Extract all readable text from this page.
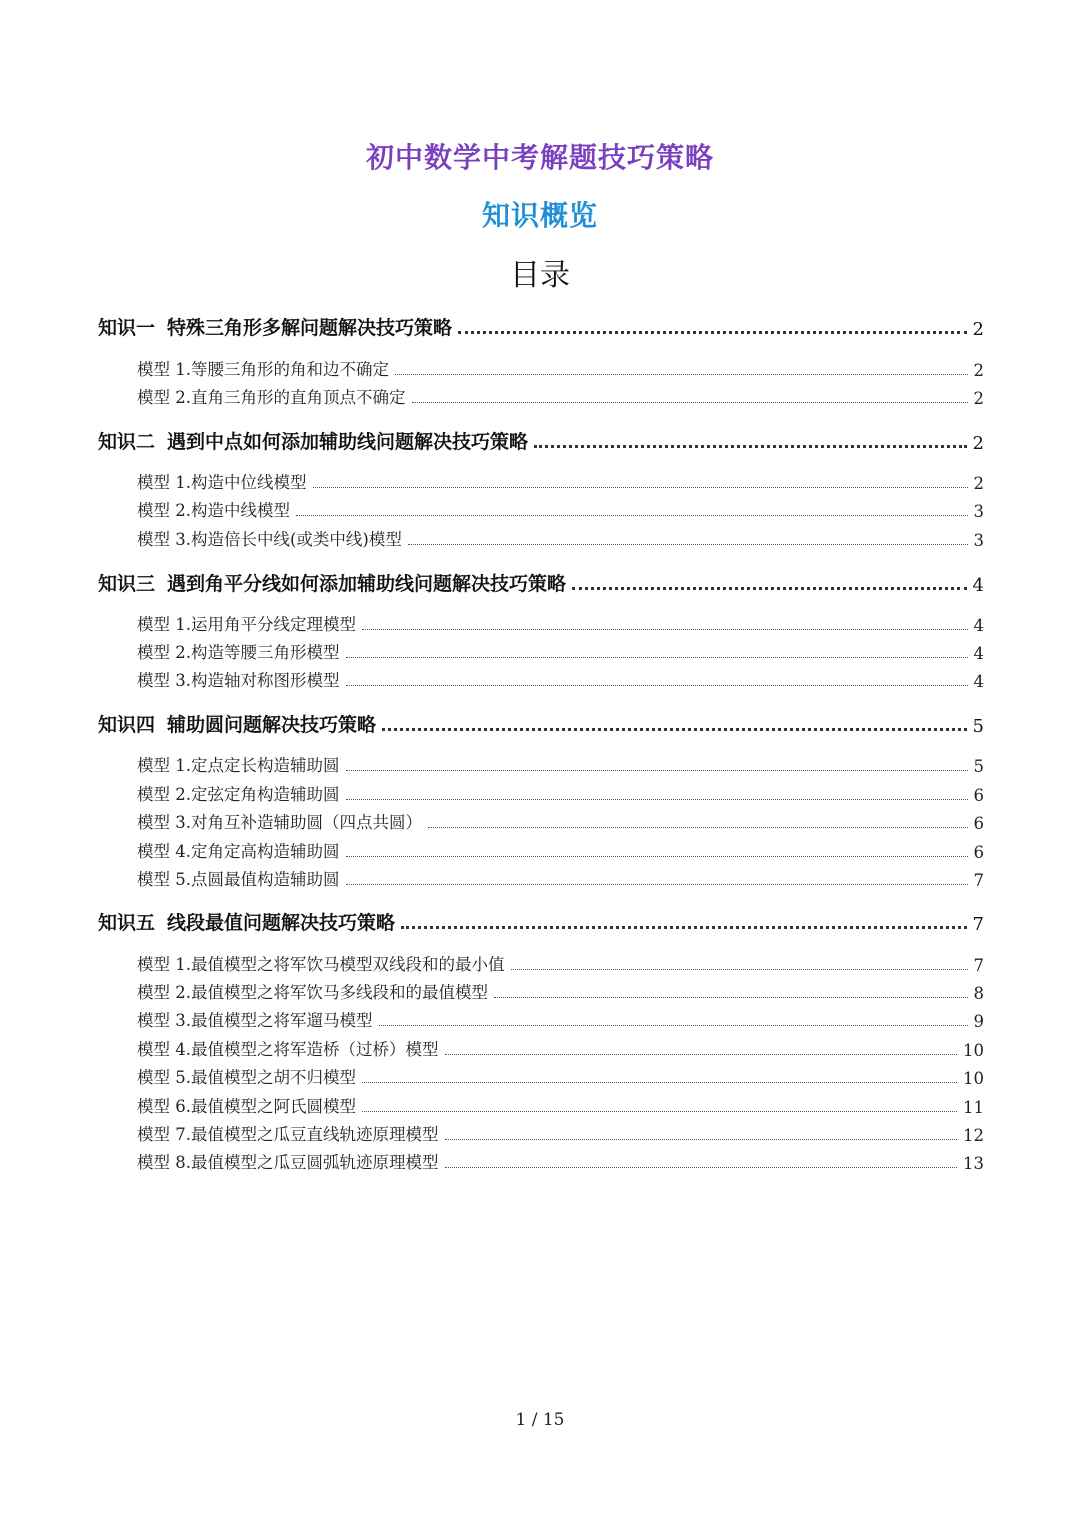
初中数学中考解题技巧策略
知识概览
目录
知识一 特殊三角形多解问题解决技巧策略	2
模型 1.等腰三角形的角和边不确定	2
模型 2.直角三角形的直角顶点不确定	2
知识二 遇到中点如何添加辅助线问题解决技巧策略	2
模型 1.构造中位线模型	2
模型 2.构造中线模型	3
模型 3.构造倍长中线(或类中线)模型	3
知识三 遇到角平分线如何添加辅助线问题解决技巧策略	4
模型 1.运用角平分线定理模型	4
模型 2.构造等腰三角形模型	4
模型 3.构造轴对称图形模型	4
知识四 辅助圆问题解决技巧策略	5
模型 1.定点定长构造辅助圆	5
模型 2.定弦定角构造辅助圆	6
模型 3.对角互补造辅助圆（四点共圆）	6
模型 4.定角定高构造辅助圆	6
模型 5.点圆最值构造辅助圆	7
知识五 线段最值问题解决技巧策略	7
模型 1.最值模型之将军饮马模型双线段和的最小值	7
模型 2.最值模型之将军饮马多线段和的最值模型	8
模型 3.最值模型之将军遛马模型	9
模型 4.最值模型之将军造桥（过桥）模型	10
模型 5.最值模型之胡不归模型	10
模型 6.最值模型之阿氏圆模型	11
模型 7.最值模型之瓜豆直线轨迹原理模型	12
模型 8.最值模型之瓜豆圆弧轨迹原理模型	13
1 / 15
